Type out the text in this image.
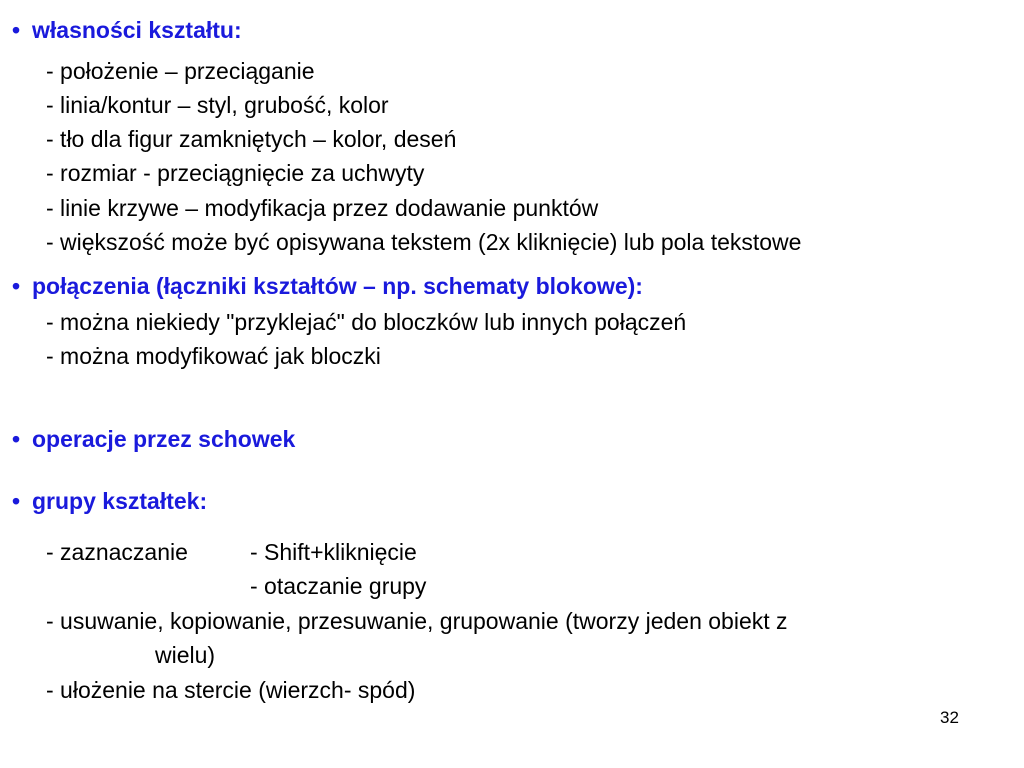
• własności kształtu:
- położenie – przeciąganie
- linia/kontur – styl, grubość, kolor
- tło dla figur zamkniętych – kolor, deseń
- rozmiar - przeciągnięcie za uchwyty
- linie krzywe – modyfikacja przez dodawanie punktów
- większość może być opisywana tekstem (2x kliknięcie) lub pola tekstowe
• połączenia (łączniki kształtów – np. schematy blokowe):
- można niekiedy "przyklejać" do bloczków lub innych połączeń
- można modyfikować jak bloczki
• operacje przez schowek
• grupy kształtek:
- zaznaczanie	- Shift+kliknięcie
- otaczanie grupy
- usuwanie, kopiowanie, przesuwanie, grupowanie (tworzy jeden obiekt z
wielu)
- ułożenie na stercie (wierzch- spód)
32
